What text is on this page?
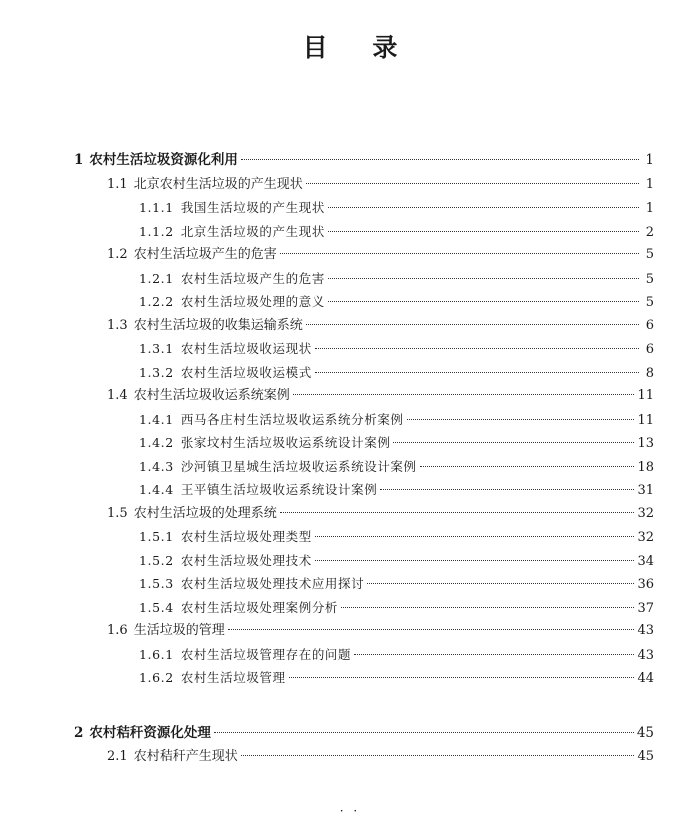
目 录
1 农村生活垃圾资源化利用	1
1.1 北京农村生活垃圾的产生现状	1
1.1.1 我国生活垃圾的产生现状	1
1.1.2 北京生活垃圾的产生现状	2
1.2 农村生活垃圾产生的危害	5
1.2.1 农村生活垃圾产生的危害	5
1.2.2 农村生活垃圾处理的意义	5
1.3 农村生活垃圾的收集运输系统	6
1.3.1 农村生活垃圾收运现状	6
1.3.2 农村生活垃圾收运模式	8
1.4 农村生活垃圾收运系统案例	11
1.4.1 西马各庄村生活垃圾收运系统分析案例	11
1.4.2 张家坟村生活垃圾收运系统设计案例	13
1.4.3 沙河镇卫星城生活垃圾收运系统设计案例	18
1.4.4 王平镇生活垃圾收运系统设计案例	31
1.5 农村生活垃圾的处理系统	32
1.5.1 农村生活垃圾处理类型	32
1.5.2 农村生活垃圾处理技术	34
1.5.3 农村生活垃圾处理技术应用探讨	36
1.5.4 农村生活垃圾处理案例分析	37
1.6 生活垃圾的管理	43
1.6.1 农村生活垃圾管理存在的问题	43
1.6.2 农村生活垃圾管理	44
2 农村秸秆资源化处理	45
2.1 农村秸秆产生现状	45
· ·
